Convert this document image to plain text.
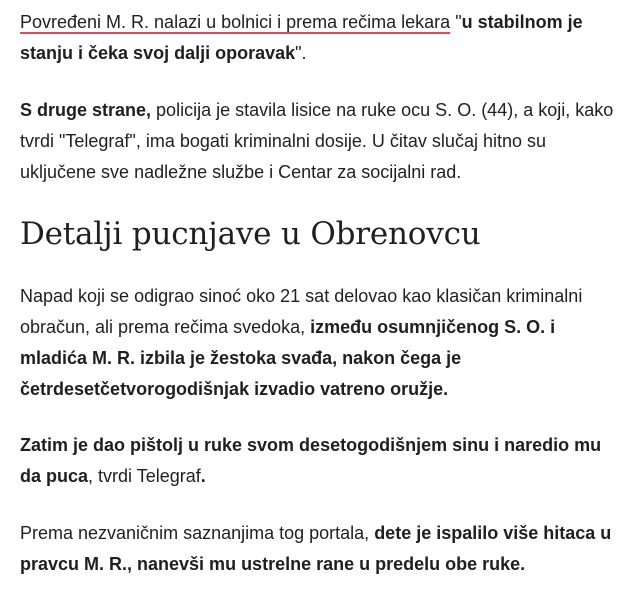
Povređeni M. R. nalazi u bolnici i prema rečima lekara "u stabilnom je stanju i čeka svoj dalji oporavak".

S druge strane, policija je stavila lisice na ruke ocu S. O. (44), a koji, kako tvrdi "Telegraf", ima bogati kriminalni dosije. U čitav slučaj hitno su uključene sve nadležne službe i Centar za socijalni rad.

Detalji pucnjave u Obrenovcu

Napad koji se odigrao sinoć oko 21 sat delovao kao klasičan kriminalni obračun, ali prema rečima svedoka, između osumnjičenog S. O. i mladića M. R. izbila je žestoka svađa, nakon čega je četrdesetčetvorogodišnjak izvadio vatreno oružje.

Zatim je dao pištolj u ruke svom desetogodišnjem sinu i naredio mu da puca, tvrdi Telegraf.

Prema nezvaničnim saznanjima tog portala, dete je ispalilo više hitaca u pravcu M. R., nanevši mu ustrelne rane u predelu obe ruke.
